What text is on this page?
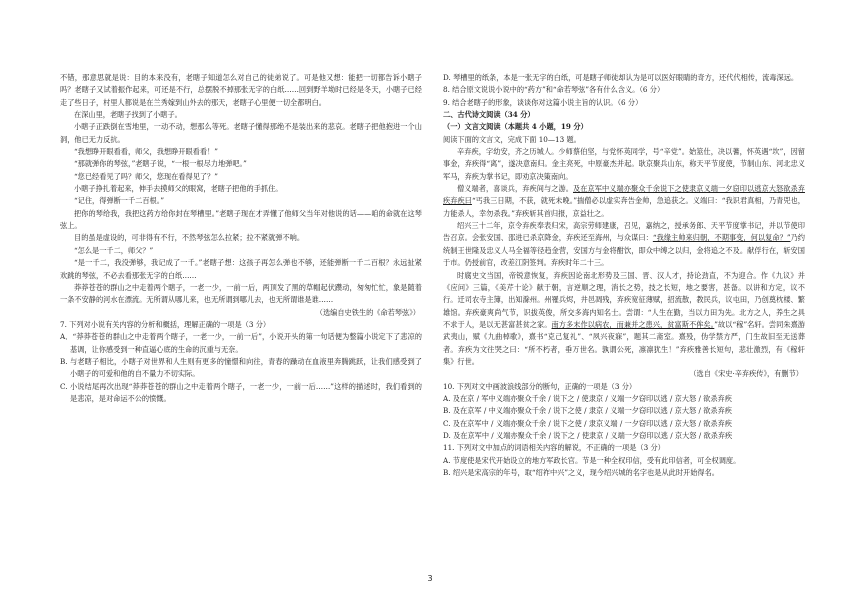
不错，那意思就是说：目的本来没有，老瞎子知道怎么对自己的徒弟说了。可是他又想：能把一切都告诉小瞎子吗？老瞎子又试着振作起来，可还是不行，总摆脱不掉那张无字的白纸……回到野羊坳时已经是冬天，小瞎子已经走了些日子，村里人都说是在兰秀嫁到山外去的那天，老瞎子心里便一切全都明白。

在深山里，老瞎子找到了小瞎子。

小瞎子正跌倒在雪地里，一动不动，想那么等死。老瞎子懂得那绝不是装出来的悲哀。老瞎子把他抱进一个山洞，他已无力反抗。

“我想睁开眼看看，师父，我想睁开眼看看！”

“那就弹你的琴弦，”老瞎子说，“一根一根尽力地弹吧。”

“您已经看见了吗？师父，您现在看得见了？”

小瞎子挣扎着起来，伸手去摸师父的眼窝，老瞎子把他的手抓住。

“记住，得弹断一千二百根。”

把你的琴给我，我把这药方给你封在琴槽里。”老瞎子现在才弄懂了他师父当年对他说的话——咱的命就在这琴弦上。

目的虽是虚设的，可非得有不行，不然琴弦怎么拉紧；拉不紧就弹不响。

“怎么是一千二，师父？”

“是一千二，我没弹够，我记成了一千。”老瞎子想：这孩子再怎么弹也不够，还能弹断一千二百根？永远扯紧欢跳的琴弦，不必去看那张无字的白纸……

莽莽苍苍的群山之中走着两个瞎子，一老一少，一前一后，两顶发了黑的草帽起伏躜动，匆匆忙忙，象是随着一条不安静的河水在漂流。无所谓从哪儿来，也无所谓到哪儿去，也无所谓谁是谁……

（选编自史铁生的《命若琴弦》）

7. 下列对小说有关内容的分析和概括，理解正确的一项是（3 分）

A．“莽莽苍苍的群山之中走着两个瞎子，一老一少，一前一后”，小说开头的第一句话便为整篇小说定下了悲凉的基调，让你感受到一种直逼心底的生命的沉重与无奈。

B. 与老瞎子相比，小瞎子对世界和人生则有更多的憧憬和向往，青春的躁动在血液里奔腾跳跃，让我们感受到了小瞎子的可爱和他的自不量力不切实际。

C. 小说结尾再次出现“莽莽苍苍的群山之中走着两个瞎子，一老一少，一前一后……”这样的描述时，我们看到的是悲凉，是对命运不公的愤慨。

D. 琴槽里的纸条，本是一张无字的白纸，可是瞎子师徒却认为是可以医好眼睛的奇方，还代代相传，流毒深远。

8. 结合原文说说小说中的“药方”和“命若琴弦”各有什么含义。（6 分）

9. 结合老瞎子的形象，谈谈你对这篇小说主旨的认识。（6 分）

二、古代诗文阅读（34 分）

（一）文言文阅读（本题共 4 小题，19 分）

阅读下面的文言文，完成下面 10—13 题。

辛弃疾，字幼安，齐之历城人。少师蔡伯坚，与党怀英同学，号“辛党”。始筮仕，决以蓍，怀英遇“坎”，因留事金，弃疾得“离”，遂决意南归。金主亮死，中原豪杰并起。耿京聚兵山东，称天平节度使，节制山东、河北忠义军马，弃疾为掌书记，即劝京决策南向。

僧义端者，喜谈兵，弃疾间与之游。及在京军中义端亦聚众千余说下之使隶京义端一夕窃印以逃京大怒欲杀弃疾弃疾曰“丐我三日期，不获，就死未晚。”揣僧必以虚实奔告金帅，急追获之。义端曰：“我识君真相，乃青兕也，力能杀人，幸勿杀我。”弃疾斩其首归报，京益壮之。

绍兴三十二年，京令弃疾奉表归宋，高宗劳师建康，召见，嘉纳之，授承务郎、天平节度掌书记，并以节使印告召京。会张安国、邵进已杀京降金，弃疾还至海州，与众谋曰：“我缘主帅来归朝，不期事变，何以复命？”乃约统制王世隆及忠义人马全福等径趋金营，安国方与金将酣饮，即众中缚之以归，金将追之不及。献俘行在，斩安国于市。仍授前官，改差江阴签判。弃疾时年二十三。

时腐史文当国，帝锐意恢复，弃疾因论南北形势及三国、晋、汉人才，持论劲直，不为迎合。作《九议》并《应问》三篇，《美芹十论》献于朝，言逆顺之理，消长之势，技之长短，地之要害，甚备。以讲和方定，议不行。迁司农寺主簿，出知滁州。州罹兵烬，井邑凋残，弃疾宽征薄赋，招流散，教民兵，议屯田，乃创奠枕楼、繁雄馆。弃疾豪爽尚气节，识拔英俊，所交多海内知名士。尝谓：“人生在勤，当以力田为先。北方之人，养生之具不求于人，是以无甚富甚贫之家。南方多末作以病农，而兼并之患兴，贫富斯不侔矣。”故以“稼”名轩。尝同朱熹游武夷山，赋《九曲棹歌》，熹书“克己复礼”、“夙兴夜寐”，题其二斋室。熹殁，伪学禁方严，门生故旧至无送葬者。弃疾为文往哭之曰：“所不朽者，垂万世名。孰谓公死，凛凛犹生！”弃疾雅善长短句，悲壮激烈，有《稼轩集》行世。

（选自《宋史·辛弃疾传》，有删节）

10. 下列对文中画波浪线部分的断句，正确的一项是（3 分）

A. 及在京 / 军中义端亦聚众千余 / 说下之 / 使隶京 / 义端一夕窃印以逃 / 京大怒 / 欲杀弃疾

B. 及在京军 / 中义端亦聚众千余 / 说下之使 / 隶京 / 义端一夕窃印以逃 / 京大怒 / 欲杀弃疾

C. 及在京军中 / 义端亦聚众千余 / 说下之使 / 隶京义端 / 一夕窃印以逃 / 京大怒 / 欲杀弃疾

D. 及在京军中 / 义端亦聚众千余 / 说下之 / 使隶京 / 义端一夕窃印以逃 / 京大怒 / 欲杀弃疾

11. 下列对文中加点的词语相关内容的解说，不正确的一项是（3 分）

A. 节度使是宋代开始设立的地方军政长官。节是一种全权印信，受有此印信者，可全权调度。

B. 绍兴是宋高宗的年号，取“绍祚中兴”之义，现今绍兴城的名字也是从此时开始得名。

3
